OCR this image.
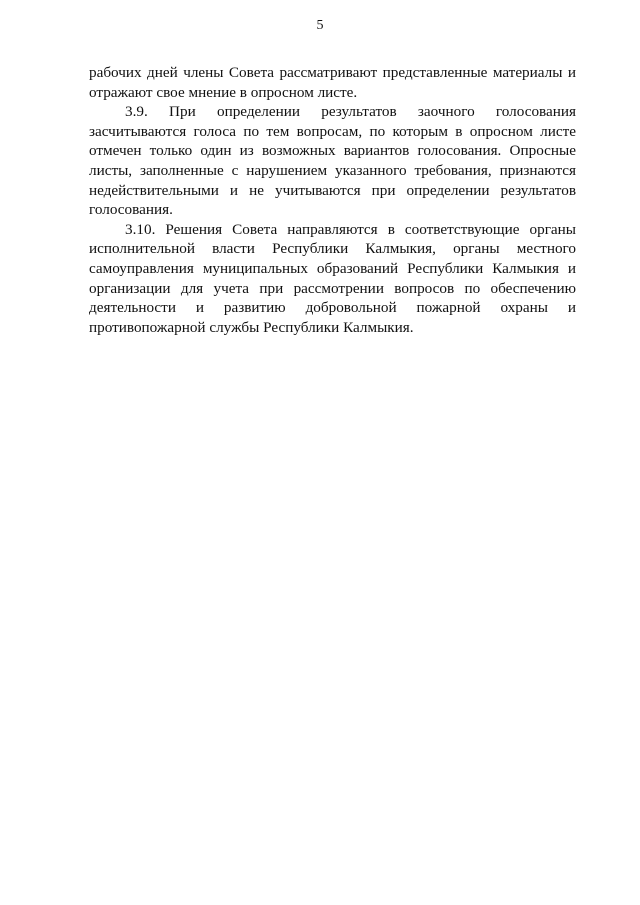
5

рабочих дней члены Совета рассматривают представленные материалы и отражают свое мнение в опросном листе.

3.9. При определении результатов заочного голосования засчитываются голоса по тем вопросам, по которым в опросном листе отмечен только один из возможных вариантов голосования. Опросные листы, заполненные с нарушением указанного требования, признаются недействительными и не учитываются при определении результатов голосования.

3.10. Решения Совета направляются в соответствующие органы исполнительной власти Республики Калмыкия, органы местного самоуправления муниципальных образований Республики Калмыкия и организации для учета при рассмотрении вопросов по обеспечению деятельности и развитию добровольной пожарной охраны и противопожарной службы Республики Калмыкия.
